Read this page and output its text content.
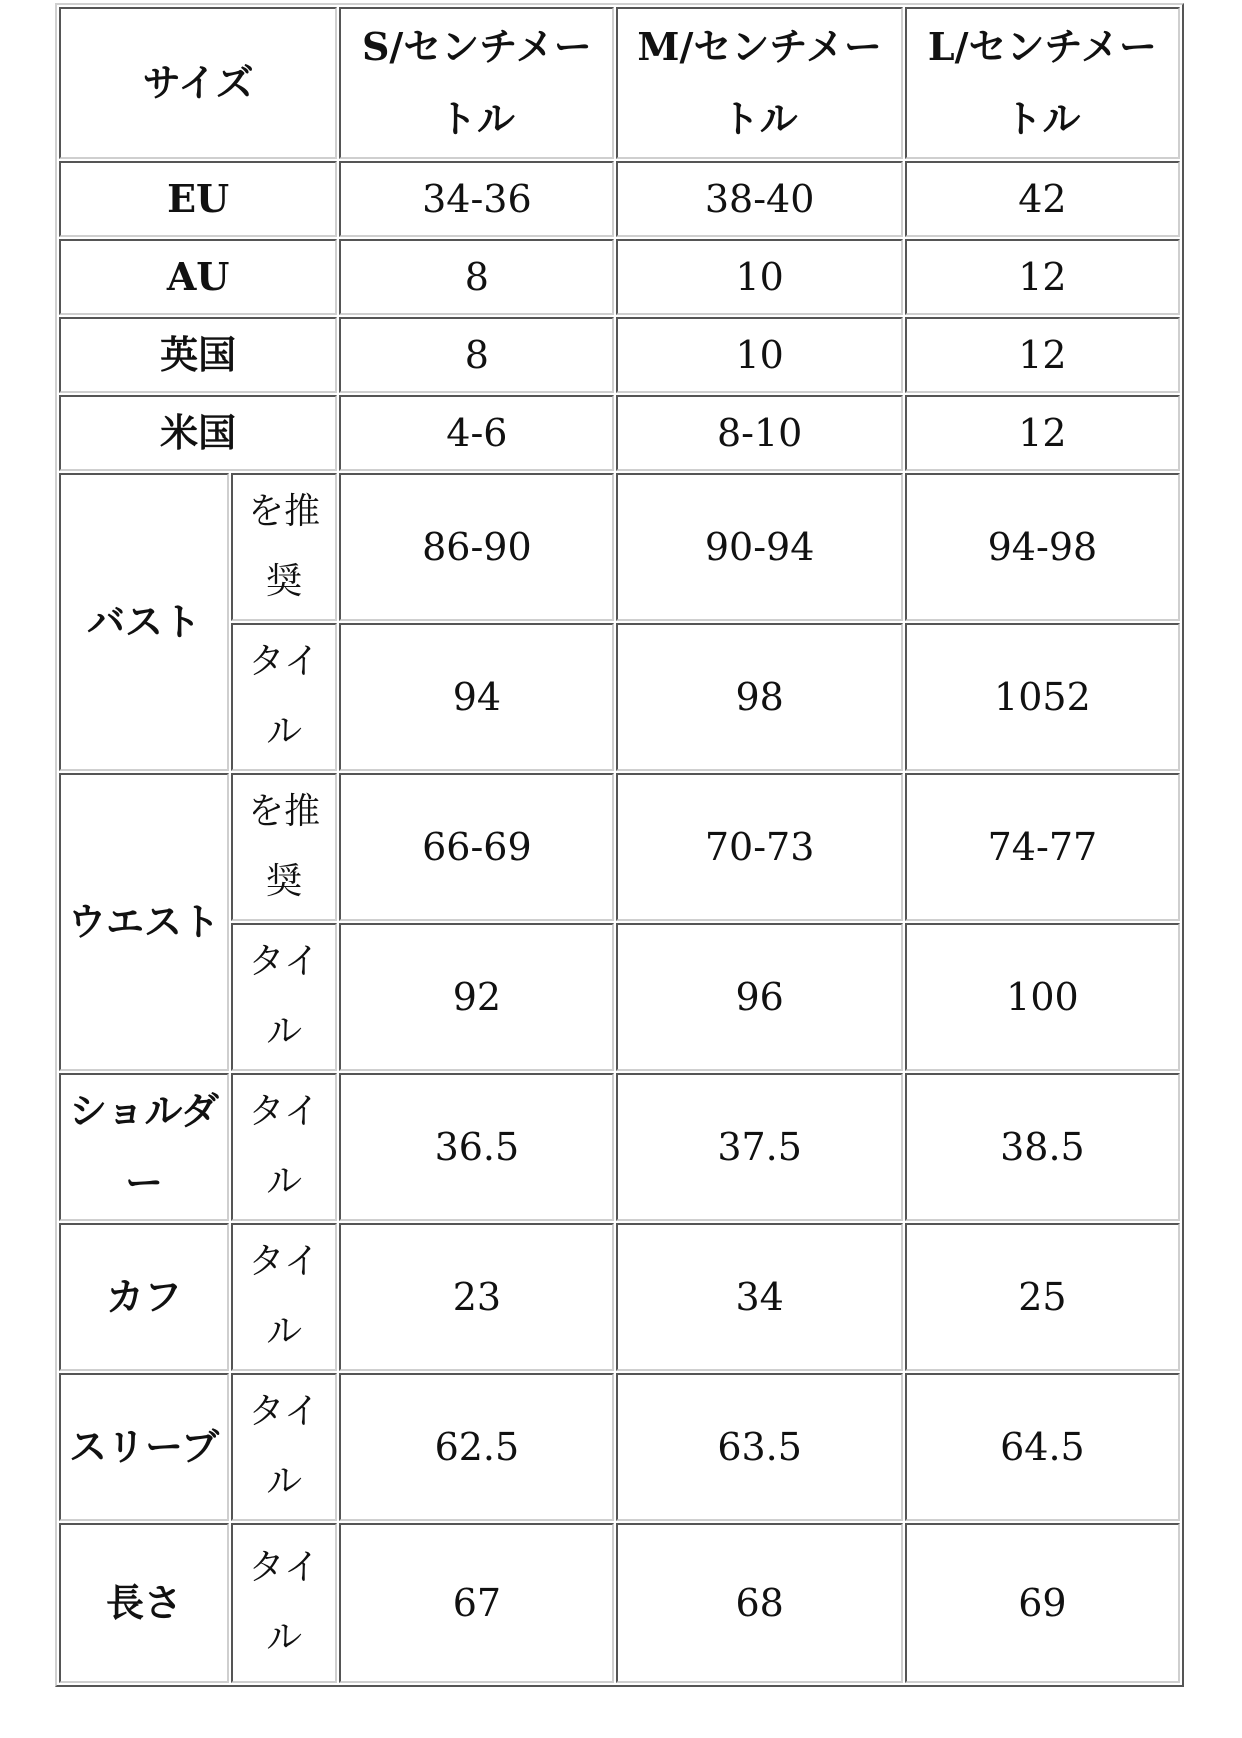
サイズ		S/センチメートル	M/センチメートル	L/センチメートル
EU		34-36	38-40	42
AU		8	10	12
英国		8	10	12
米国		4-6	8-10	12
バスト	を推奨	86-90	90-94	94-98
	タイル	94	98	1052
ウエスト	を推奨	66-69	70-73	74-77
	タイル	92	96	100
ショルダー	タイル	36.5	37.5	38.5
カフ	タイル	23	34	25
スリーブ	タイル	62.5	63.5	64.5
長さ	タイル	67	68	69
